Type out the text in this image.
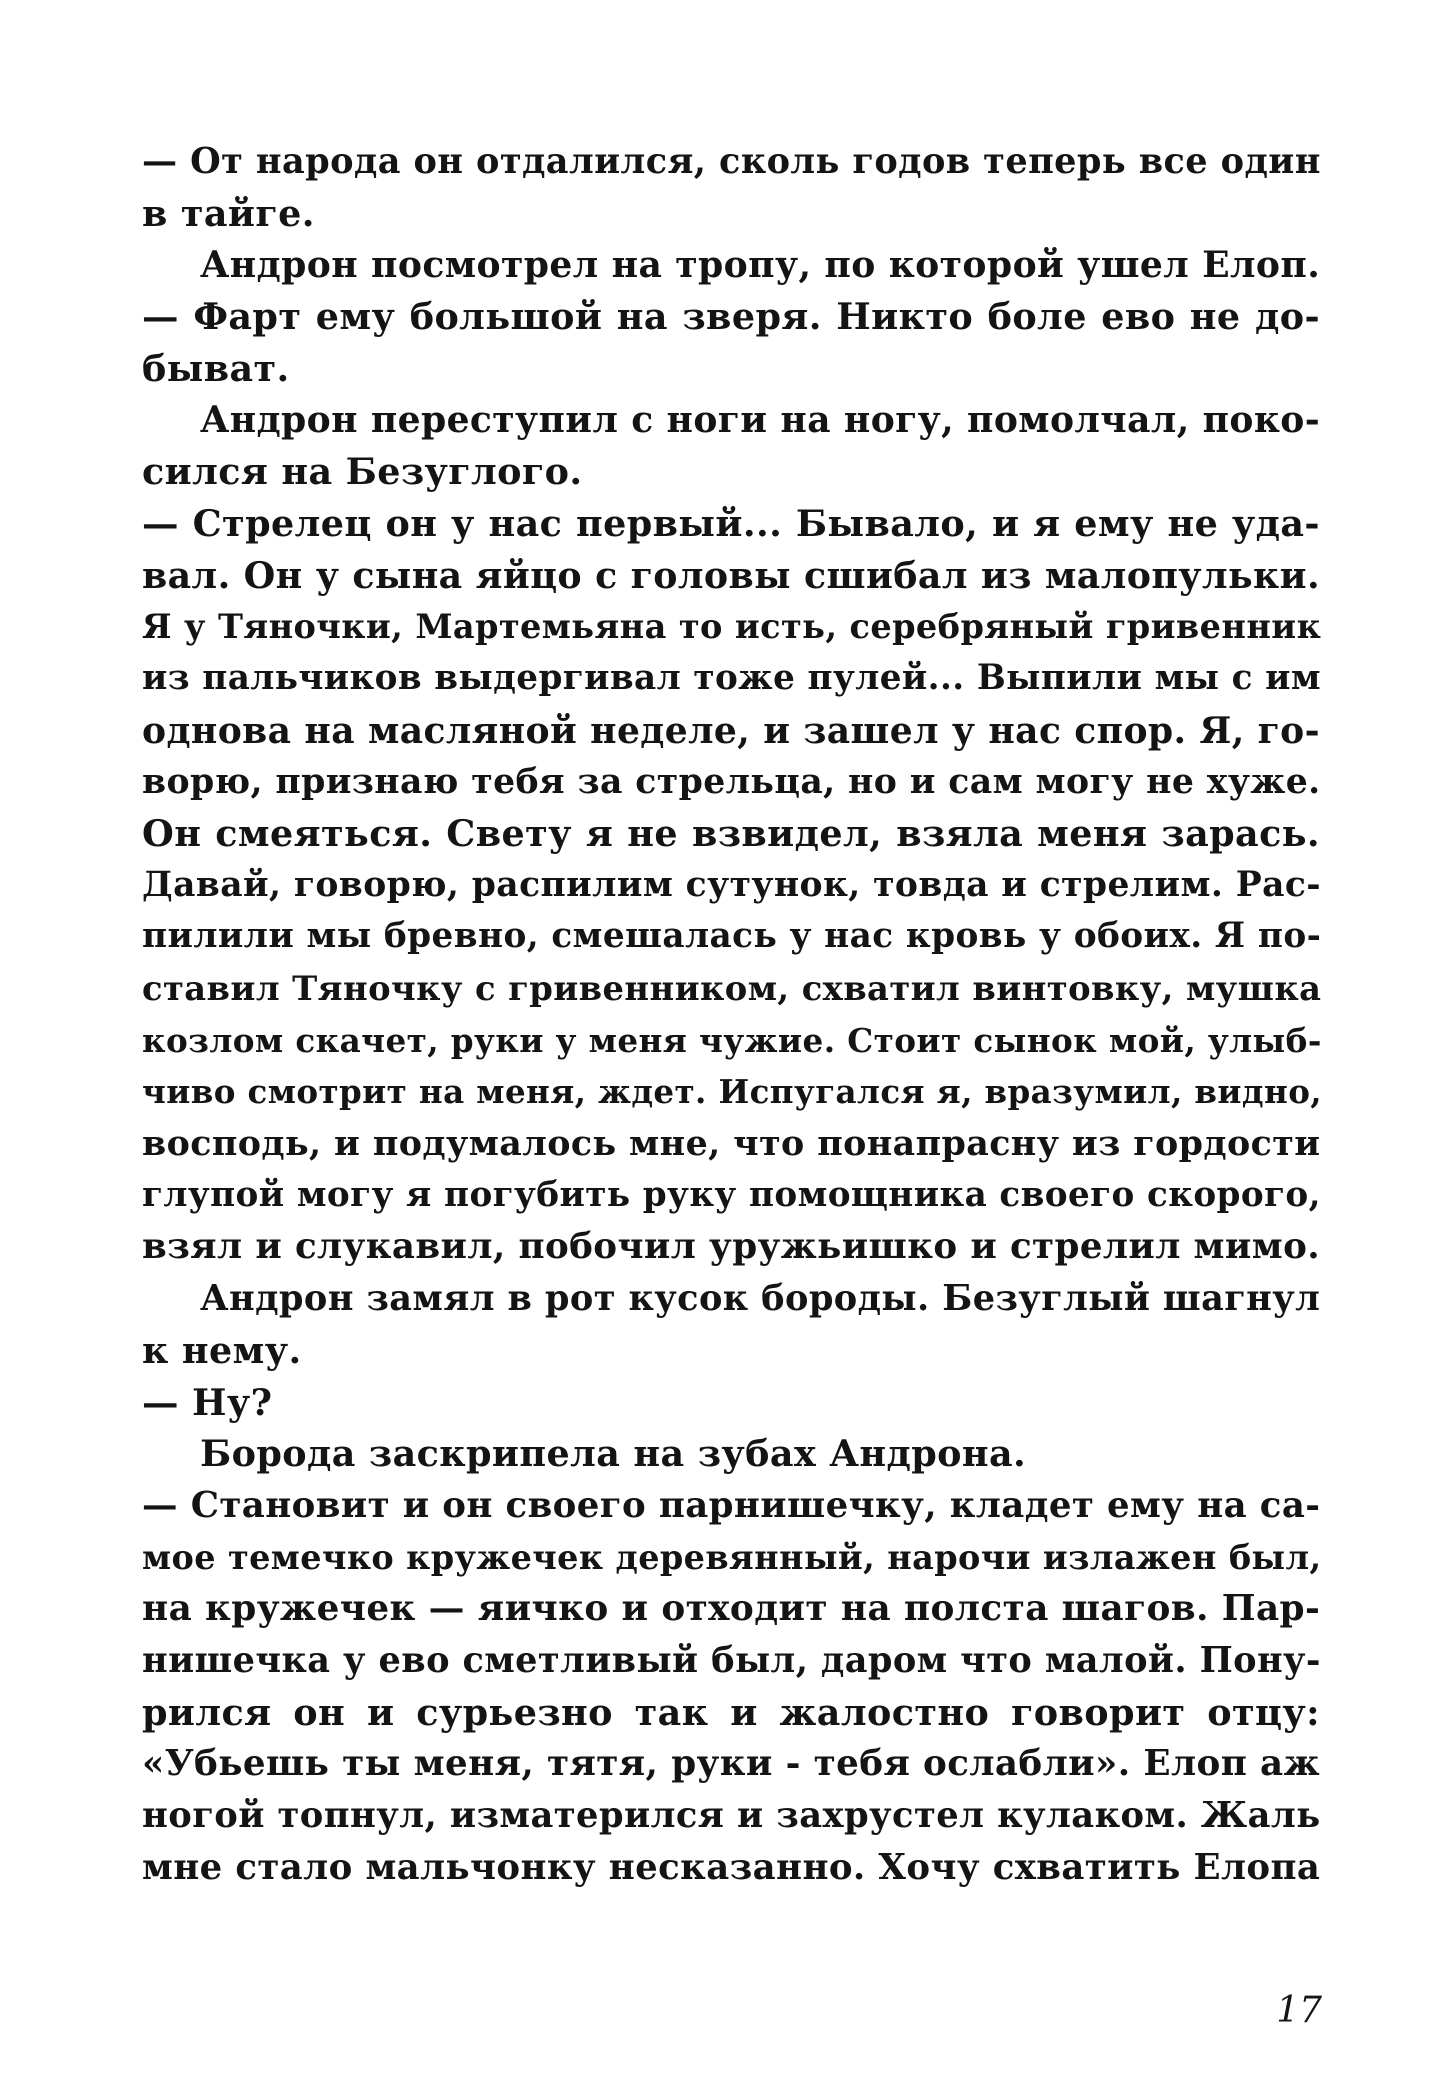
— От народа он отдалился, сколь годов теперь все один
в тайге.
Андрон посмотрел на тропу, по которой ушел Елоп.
— Фарт ему большой на зверя. Никто боле ево не до-
быват.
Андрон переступил с ноги на ногу, помолчал, поко-
сился на Безуглого.
— Стрелец он у нас первый... Бывало, и я ему не уда-
вал. Он у сына яйцо с головы сшибал из малопульки.
Я у Тяночки, Мартемьяна то исть, серебряный гривенник
из пальчиков выдергивал тоже пулей... Выпили мы с им
однова на масляной неделе, и зашел у нас спор. Я, го-
ворю, признаю тебя за стрельца, но и сам могу не хуже.
Он смеяться. Свету я не взвидел, взяла меня зарась.
Давай, говорю, распилим сутунок, товда и стрелим. Рас-
пилили мы бревно, смешалась у нас кровь у обоих. Я по-
ставил Тяночку с гривенником, схватил винтовку, мушка
козлом скачет, руки у меня чужие. Стоит сынок мой, улыб-
чиво смотрит на меня, ждет. Испугался я, вразумил, видно,
восподь, и подумалось мне, что понапрасну из гордости
глупой могу я погубить руку помощника своего скорого,
взял и слукавил, побочил уружьишко и стрелил мимо.
Андрон замял в рот кусок бороды. Безуглый шагнул
к нему.
— Ну?
Борода заскрипела на зубах Андрона.
— Становит и он своего парнишечку, кладет ему на са-
мое темечко кружечек деревянный, нарочи излажен был,
на кружечек — яичко и отходит на полста шагов. Пар-
нишечка у ево сметливый был, даром что малой. Пону-
рился он и сурьезно так и жалостно говорит отцу:
«Убьешь ты меня, тятя, руки - тебя ослабли». Елоп аж
ногой топнул, изматерился и захрустел кулаком. Жаль
мне стало мальчонку несказанно. Хочу схватить Елопа
17
